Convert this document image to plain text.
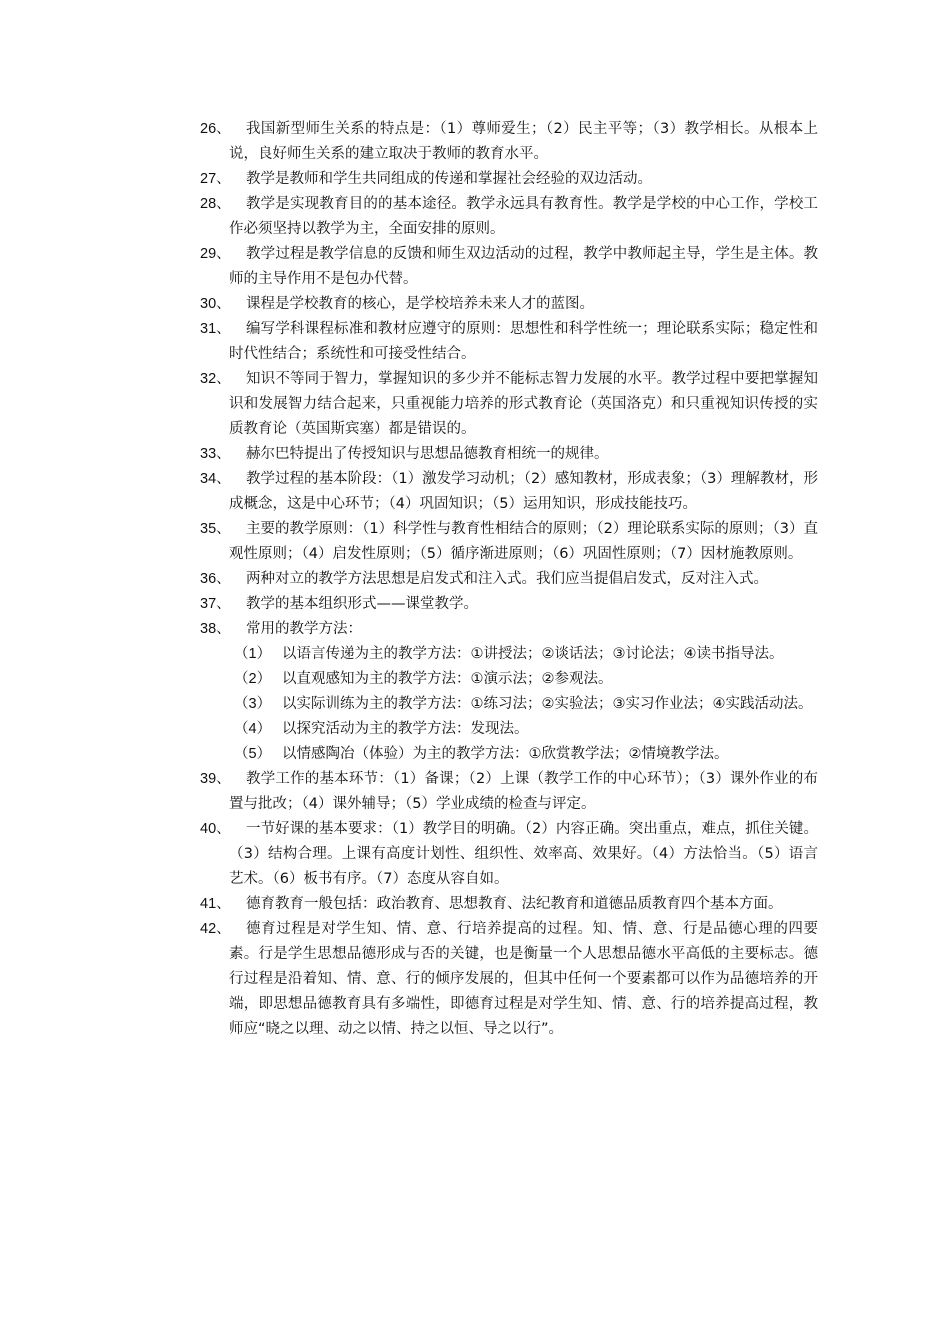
26、	我国新型师生关系的特点是：（1）尊师爱生；（2）民主平等；（3）教学相长。从根本上说，良好师生关系的建立取决于教师的教育水平。
27、	教学是教师和学生共同组成的传递和掌握社会经验的双边活动。
28、	教学是实现教育目的的基本途径。教学永远具有教育性。教学是学校的中心工作，学校工作必须坚持以教学为主，全面安排的原则。
29、	教学过程是教学信息的反馈和师生双边活动的过程，教学中教师起主导，学生是主体。教师的主导作用不是包办代替。
30、	课程是学校教育的核心，是学校培养未来人才的蓝图。
31、	编写学科课程标准和教材应遵守的原则：思想性和科学性统一；理论联系实际；稳定性和时代性结合；系统性和可接受性结合。
32、	知识不等同于智力，掌握知识的多少并不能标志智力发展的水平。教学过程中要把掌握知识和发展智力结合起来，只重视能力培养的形式教育论（英国洛克）和只重视知识传授的实质教育论（英国斯宾塞）都是错误的。
33、	赫尔巴特提出了传授知识与思想品德教育相统一的规律。
34、	教学过程的基本阶段：（1）激发学习动机；（2）感知教材，形成表象；（3）理解教材，形成概念，这是中心环节；（4）巩固知识；（5）运用知识，形成技能技巧。
35、	主要的教学原则：（1）科学性与教育性相结合的原则；（2）理论联系实际的原则；（3）直观性原则；（4）启发性原则；（5）循序渐进原则；（6）巩固性原则；（7）因材施教原则。
36、	两种对立的教学方法思想是启发式和注入式。我们应当提倡启发式，反对注入式。
37、	教学的基本组织形式——课堂教学。
38、	常用的教学方法：
（1） 以语言传递为主的教学方法：①讲授法；②谈话法；③讨论法；④读书指导法。
（2） 以直观感知为主的教学方法：①演示法；②参观法。
（3） 以实际训练为主的教学方法：①练习法；②实验法；③实习作业法；④实践活动法。
（4） 以探究活动为主的教学方法：发现法。
（5） 以情感陶冶（体验）为主的教学方法：①欣赏教学法；②情境教学法。
39、	教学工作的基本环节：（1）备课；（2）上课（教学工作的中心环节）；（3）课外作业的布置与批改；（4）课外辅导；（5）学业成绩的检查与评定。
40、	一节好课的基本要求：（1）教学目的明确。（2）内容正确。突出重点，难点，抓住关键。（3）结构合理。上课有高度计划性、组织性、效率高、效果好。（4）方法恰当。（5）语言艺术。（6）板书有序。（7）态度从容自如。
41、	德育教育一般包括：政治教育、思想教育、法纪教育和道德品质教育四个基本方面。
42、	德育过程是对学生知、情、意、行培养提高的过程。知、情、意、行是品德心理的四要素。行是学生思想品德形成与否的关键，也是衡量一个人思想品德水平高低的主要标志。德行过程是沿着知、情、意、行的倾序发展的，但其中任何一个要素都可以作为品德培养的开端，即思想品德教育具有多端性，即德育过程是对学生知、情、意、行的培养提高过程，教师应“晓之以理、动之以情、持之以恒、导之以行”。
